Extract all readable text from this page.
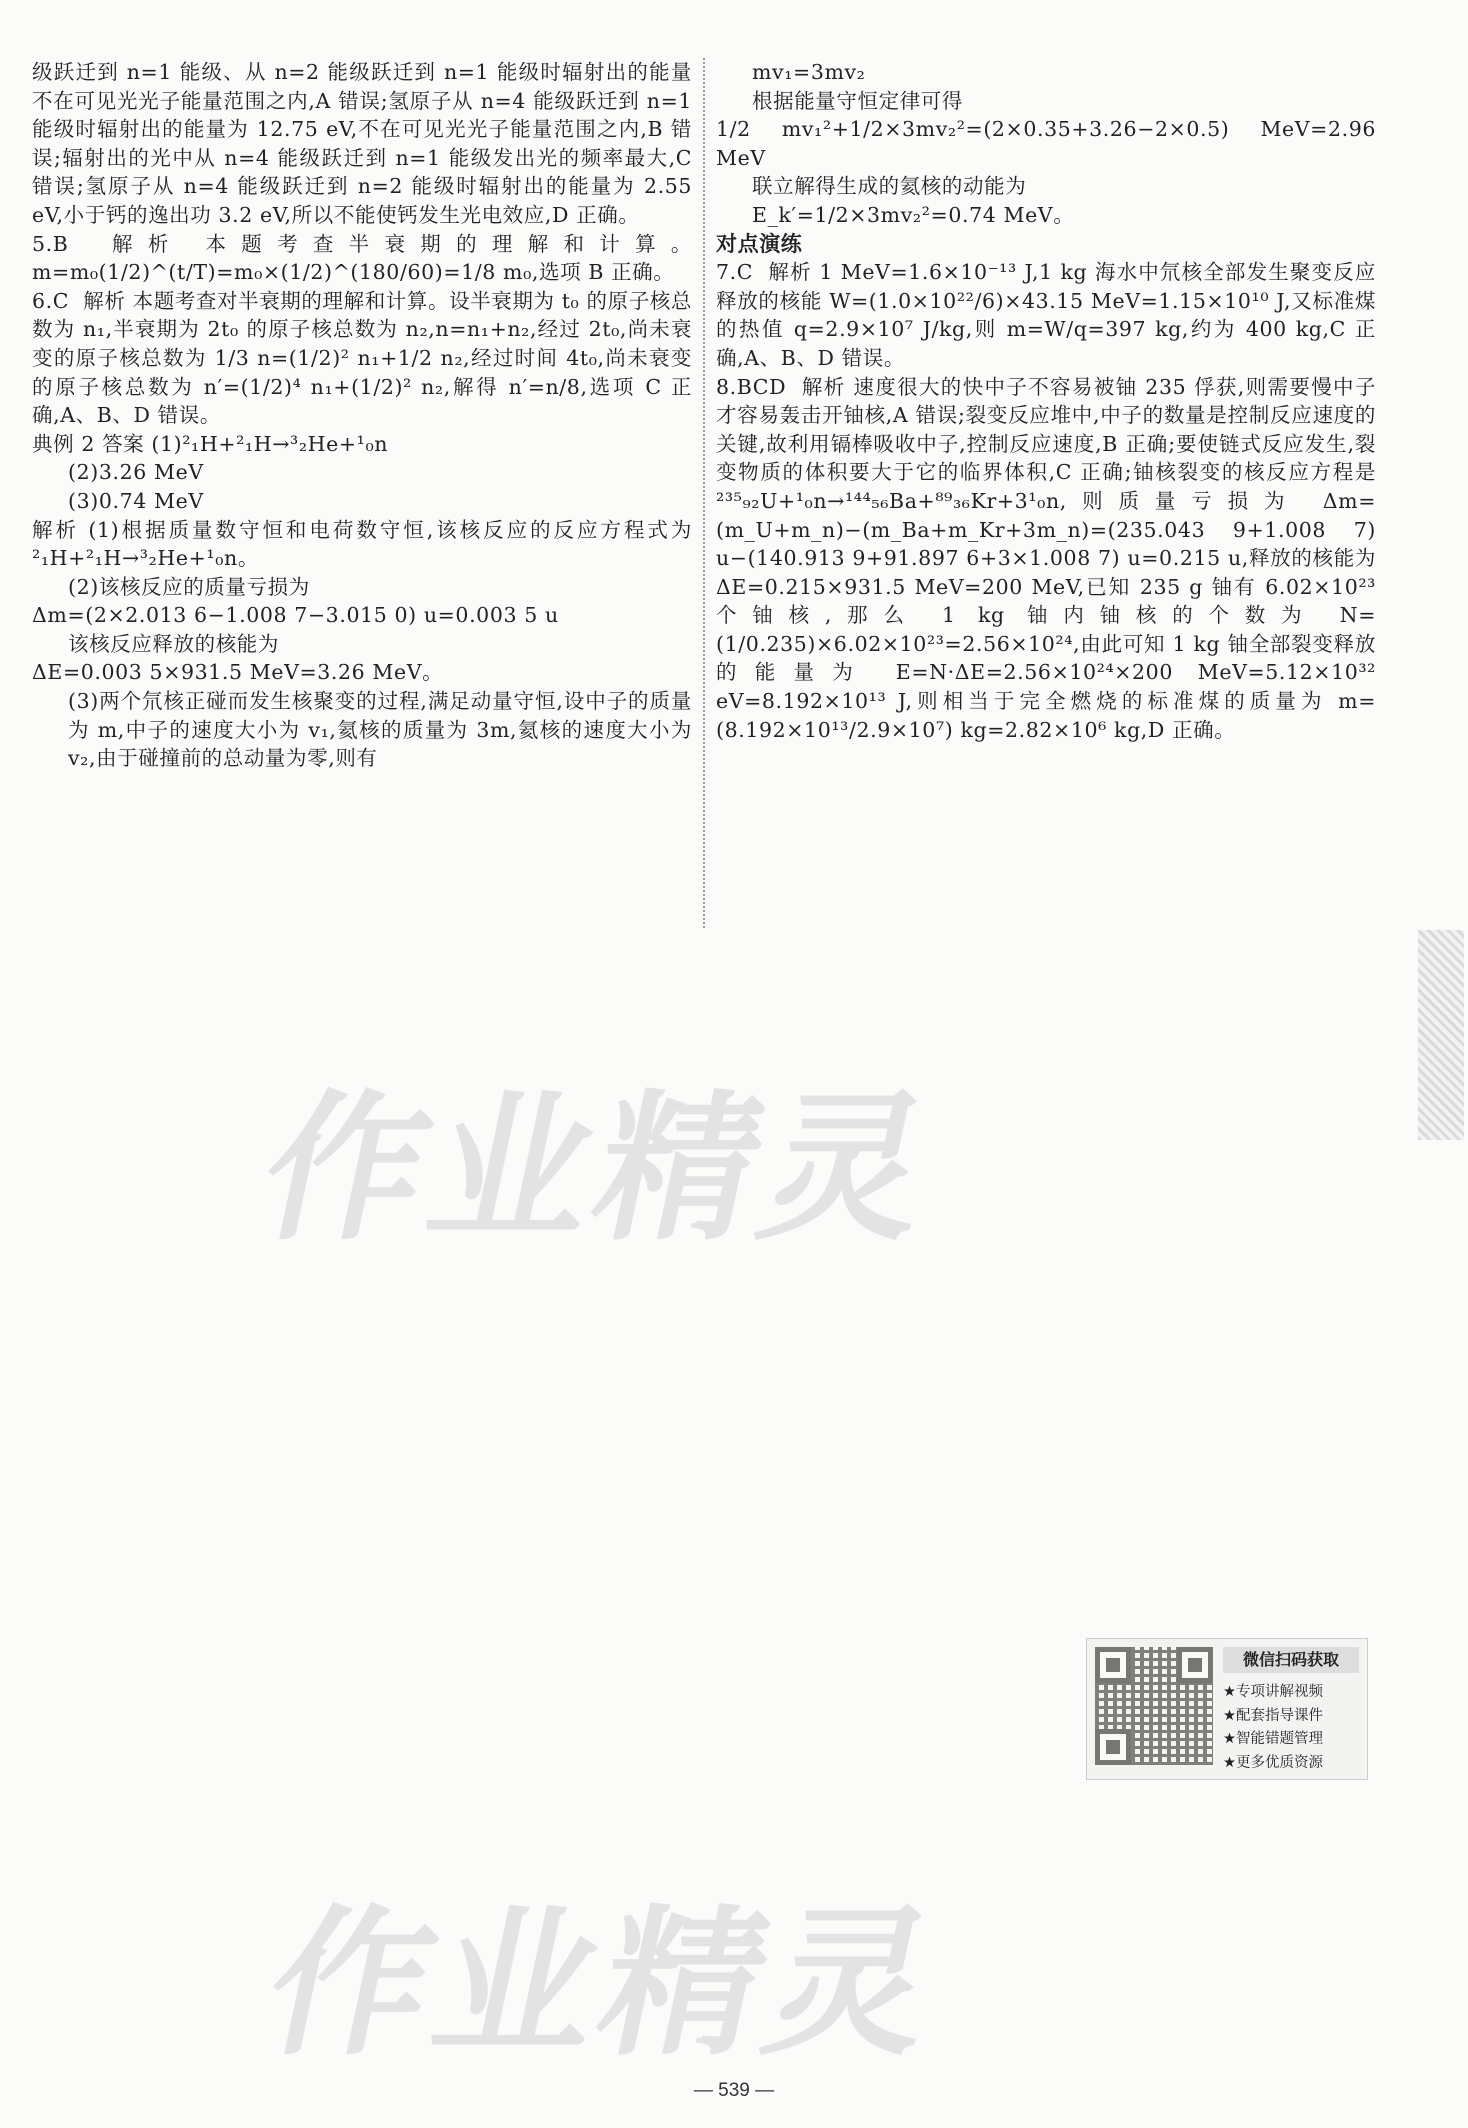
级跃迁到 n=1 能级、从 n=2 能级跃迁到 n=1 能级时辐射出的能量不在可见光光子能量范围之内,A 错误;氢原子从 n=4 能级跃迁到 n=1 能级时辐射出的能量为 12.75 eV,不在可见光光子能量范围之内,B 错误;辐射出的光中从 n=4 能级跃迁到 n=1 能级发出光的频率最大,C 错误;氢原子从 n=4 能级跃迁到 n=2 能级时辐射出的能量为 2.55 eV,小于钙的逸出功 3.2 eV,所以不能使钙发生光电效应,D 正确。

5.B  解析 本题考查半衰期的理解和计算。m=m₀(1/2)^(t/T)=m₀×(1/2)^(180/60)=1/8 m₀,选项 B 正确。

6.C  解析 本题考查对半衰期的理解和计算。设半衰期为 t₀ 的原子核总数为 n₁,半衰期为 2t₀ 的原子核总数为 n₂,n=n₁+n₂,经过 2t₀,尚未衰变的原子核总数为 1/3 n=(1/2)² n₁+1/2 n₂,经过时间 4t₀,尚未衰变的原子核总数为 n′=(1/2)⁴ n₁+(1/2)² n₂,解得 n′=n/8,选项 C 正确,A、B、D 错误。

典例 2 答案 (1)²₁H+²₁H→³₂He+¹₀n

(2)3.26 MeV

(3)0.74 MeV

解析 (1)根据质量数守恒和电荷数守恒,该核反应的反应方程式为²₁H+²₁H→³₂He+¹₀n。

(2)该核反应的质量亏损为

Δm=(2×2.013 6−1.008 7−3.015 0) u=0.003 5 u

该核反应释放的核能为

ΔE=0.003 5×931.5 MeV=3.26 MeV。

(3)两个氘核正碰而发生核聚变的过程,满足动量守恒,设中子的质量为 m,中子的速度大小为 v₁,氦核的质量为 3m,氦核的速度大小为 v₂,由于碰撞前的总动量为零,则有

mv₁=3mv₂

根据能量守恒定律可得

1/2 mv₁²+1/2×3mv₂²=(2×0.35+3.26−2×0.5) MeV=2.96 MeV

联立解得生成的氦核的动能为

E_k′=1/2×3mv₂²=0.74 MeV。

对点演练

7.C  解析 1 MeV=1.6×10⁻¹³ J,1 kg 海水中氘核全部发生聚变反应释放的核能 W=(1.0×10²²/6)×43.15 MeV=1.15×10¹⁰ J,又标准煤的热值 q=2.9×10⁷ J/kg,则 m=W/q=397 kg,约为 400 kg,C 正确,A、B、D 错误。

8.BCD  解析 速度很大的快中子不容易被铀 235 俘获,则需要慢中子才容易轰击开铀核,A 错误;裂变反应堆中,中子的数量是控制反应速度的关键,故利用镉棒吸收中子,控制反应速度,B 正确;要使链式反应发生,裂变物质的体积要大于它的临界体积,C 正确;铀核裂变的核反应方程是²³⁵₉₂U+¹₀n→¹⁴⁴₅₆Ba+⁸⁹₃₆Kr+3¹₀n,则质量亏损为 Δm=(m_U+m_n)−(m_Ba+m_Kr+3m_n)=(235.043 9+1.008 7) u−(140.913 9+91.897 6+3×1.008 7) u=0.215 u,释放的核能为 ΔE=0.215×931.5 MeV=200 MeV,已知 235 g 铀有 6.02×10²³ 个铀核,那么 1 kg 铀内铀核的个数为 N=(1/0.235)×6.02×10²³=2.56×10²⁴,由此可知 1 kg 铀全部裂变释放的能量为 E=N·ΔE=2.56×10²⁴×200 MeV=5.12×10³² eV=8.192×10¹³ J,则相当于完全燃烧的标准煤的质量为 m=(8.192×10¹³/2.9×10⁷) kg=2.82×10⁶ kg,D 正确。

作业精灵
作业精灵
微信扫码获取
★专项讲解视频
★配套指导课件
★智能错题管理
★更多优质资源
— 539 —
